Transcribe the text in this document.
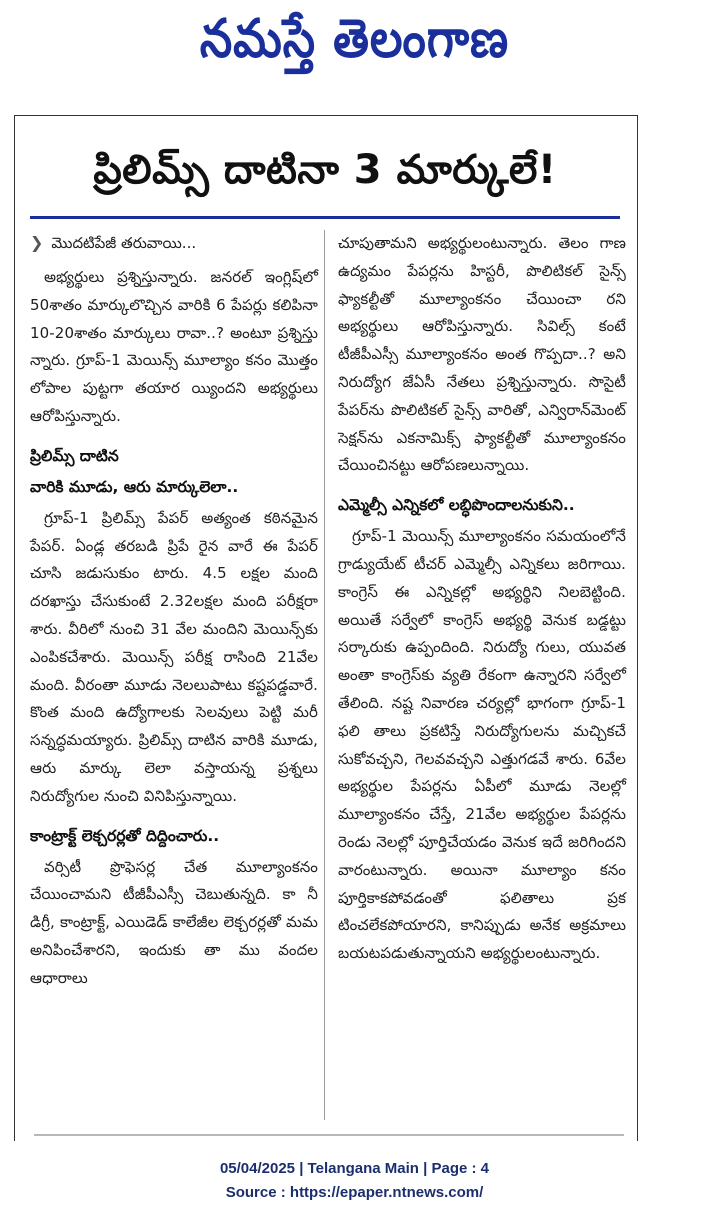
నమస్తే తెలంగాణ
ప్రిలిమ్స్ దాటినా 3 మార్కులే!
❯ మొదటిపేజీ తరువాయి...

అభ్యర్థులు ప్రశ్నిస్తున్నారు. జనరల్ ఇంగ్లిష్‌లో 50శాతం మార్కులొచ్చిన వారికి 6 పేపర్లు కలిపినా 10-20శాతం మార్కులు రావా..? అంటూ ప్రశ్నిస్తు న్నారు. గ్రూప్-1 మెయిన్స్ మూల్యాం కనం మొత్తం లోపాల పుట్టగా తయార య్యిందని అభ్యర్థులు ఆరోపిస్తున్నారు.

ప్రిలిమ్స్ దాటిన
వారికి మూడు, ఆరు మార్కులెలా..

గ్రూప్-1 ప్రిలిమ్స్ పేపర్ అత్యంత కఠినమైన పేపర్. ఏండ్ల తరబడి ప్రిపే రైన వారే ఈ పేపర్ చూసి జడుసుకుం టారు. 4.5 లక్షల మంది దరఖాస్తు చేసుకుంటే 2.32లక్షల మంది పరీక్షరా శారు. వీరిలో నుంచి 31 వేల మందిని మెయిన్స్‌కు ఎంపికచేశారు. మెయిన్స్ పరీక్ష రాసింది 21వేల మంది. వీరంతా మూడు నెలలుపాటు కష్టపడ్డవారే. కొంత మంది ఉద్యోగాలకు సెలవులు పెట్టి మరీ సన్నద్ధమయ్యారు. ప్రిలిమ్స్ దాటిన వారికి మూడు, ఆరు మార్కు లెలా వస్తాయన్న ప్రశ్నలు నిరుద్యోగుల నుంచి వినిపిస్తున్నాయి.

కాంట్రాక్ట్ లెక్చరర్లతో దిద్దించారు..

వర్సిటీ ప్రొఫెసర్ల చేత మూల్యాంకనం చేయించామని టీజీపీఎస్సీ చెబుతున్నది. కా నీ డిగ్రీ, కాంట్రాక్ట్, ఎయిడెడ్ కాలేజీల లెక్చరర్లతో మమ అనిపించేశారని, ఇందుకు తా ము వందల ఆధారాలు

చూపుతామని అభ్యర్థులంటున్నారు. తెలం గాణ ఉద్యమం పేపర్లను హిస్టరీ, పొలిటికల్ సైన్స్ ఫ్యాకల్టీతో మూల్యాంకనం చేయించా రని అభ్యర్థులు ఆరోపిస్తున్నారు. సివిల్స్ కంటే టీజీపీఎస్సీ మూల్యాంకనం అంత గొప్పదా..? అని నిరుద్యోగ జేఏసీ నేతలు ప్రశ్నిస్తున్నారు. సొసైటీ పేపర్‌ను పొలిటికల్ సైన్స్ వారితో, ఎన్విరాన్‌మెంట్ సెక్షన్‌ను ఎకనామిక్స్ ఫ్యాకల్టీతో మూల్యాంకనం చేయించినట్టు ఆరోపణలున్నాయి.

ఎమ్మెల్సీ ఎన్నికలో లబ్ధిపొందాలనుకుని..

గ్రూప్-1 మెయిన్స్ మూల్యాంకనం సమయంలోనే గ్రాడ్యుయేట్ టీచర్ ఎమ్మెల్సీ ఎన్నికలు జరిగాయి. కాంగ్రెస్ ఈ ఎన్నికల్లో అభ్యర్థిని నిలబెట్టింది. అయితే సర్వేలో కాంగ్రెస్ అభ్యర్థి వెనుక బడ్డట్టు సర్కారుకు ఉప్పందింది. నిరుద్యో గులు, యువత అంతా కాంగ్రెస్‌కు వ్యతి రేకంగా ఉన్నారని సర్వేలో తేలింది. నష్ట నివారణ చర్యల్లో భాగంగా గ్రూప్-1 ఫలి తాలు ప్రకటిస్తే నిరుద్యోగులను మచ్చికచే సుకోవచ్చని, గెలవవచ్చని ఎత్తుగడవే శారు. 6వేల అభ్యర్థుల పేపర్లను ఏపీలో మూడు నెలల్లో మూల్యాంకనం చేస్తే, 21వేల అభ్యర్థుల పేపర్లను రెండు నెలల్లో పూర్తిచేయడం వెనుక ఇదే జరిగిందని వారంటున్నారు. అయినా మూల్యాం కనం పూర్తికాకపోవడంతో ఫలితాలు ప్రక టించలేకపోయారని, కానిప్పుడు అనేక అక్రమాలు బయటపడుతున్నాయని అభ్యర్థులంటున్నారు.

05/04/2025 | Telangana Main | Page : 4
Source : https://epaper.ntnews.com/
